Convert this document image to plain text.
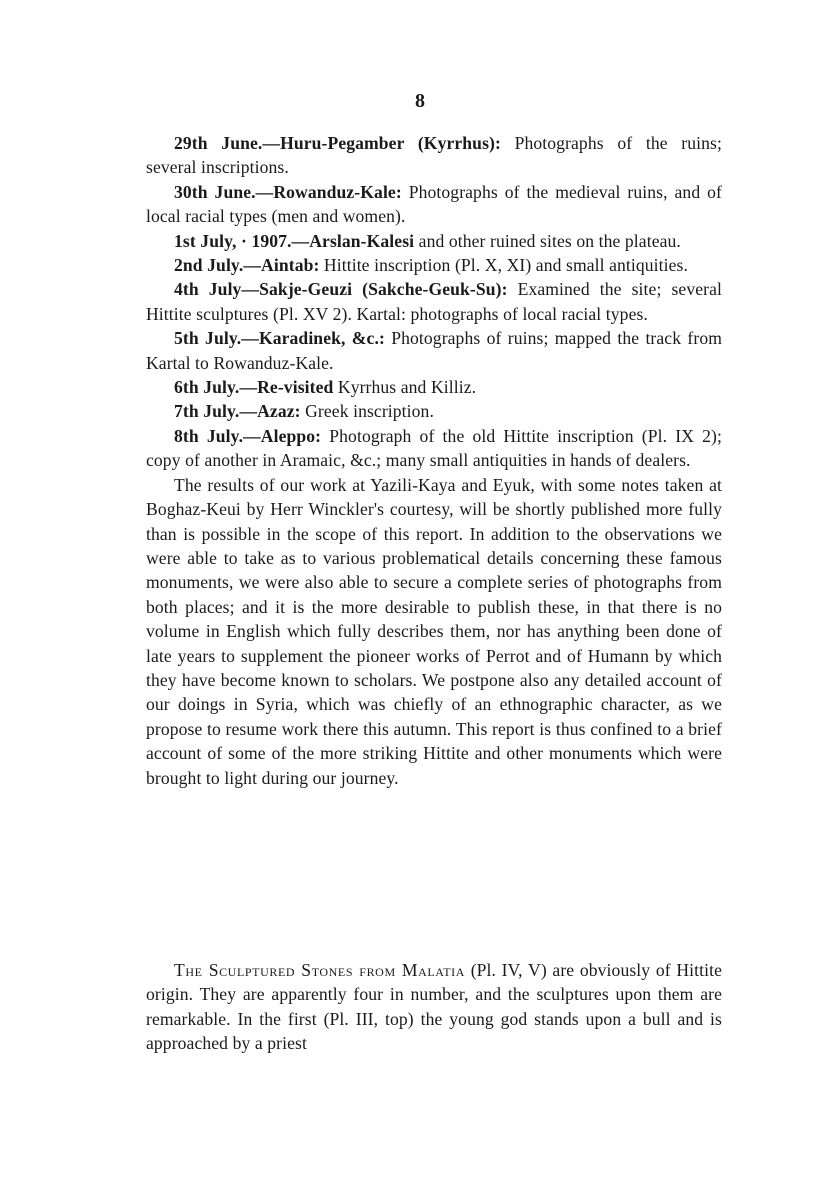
8

29th June.—Huru-Pegamber (Kyrrhus): Photographs of the ruins; several inscriptions.

30th June.—Rowanduz-Kale: Photographs of the medieval ruins, and of local racial types (men and women).

1st July, · 1907.—Arslan-Kalesi and other ruined sites on the plateau.

2nd July.—Aintab: Hittite inscription (Pl. X, XI) and small antiquities.

4th July—Sakje-Geuzi (Sakche-Geuk-Su): Examined the site; several Hittite sculptures (Pl. XV 2). Kartal: photographs of local racial types.

5th July.—Karadinek, &c.: Photographs of ruins; mapped the track from Kartal to Rowanduz-Kale.

6th July.—Re-visited Kyrrhus and Killiz.

7th July.—Azaz: Greek inscription.

8th July.—Aleppo: Photograph of the old Hittite inscription (Pl. IX 2); copy of another in Aramaic, &c.; many small antiquities in hands of dealers.

The results of our work at Yazili-Kaya and Eyuk, with some notes taken at Boghaz-Keui by Herr Winckler's courtesy, will be shortly published more fully than is possible in the scope of this report. In addition to the observations we were able to take as to various problematical details concerning these famous monuments, we were also able to secure a complete series of photographs from both places; and it is the more desirable to publish these, in that there is no volume in English which fully describes them, nor has anything been done of late years to supplement the pioneer works of Perrot and of Humann by which they have become known to scholars. We postpone also any detailed account of our doings in Syria, which was chiefly of an ethnographic character, as we propose to resume work there this autumn. This report is thus confined to a brief account of some of the more striking Hittite and other monuments which were brought to light during our journey.

The Sculptured Stones from Malatia (Pl. IV, V) are obviously of Hittite origin. They are apparently four in number, and the sculptures upon them are remarkable. In the first (Pl. III, top) the young god stands upon a bull and is approached by a priest
